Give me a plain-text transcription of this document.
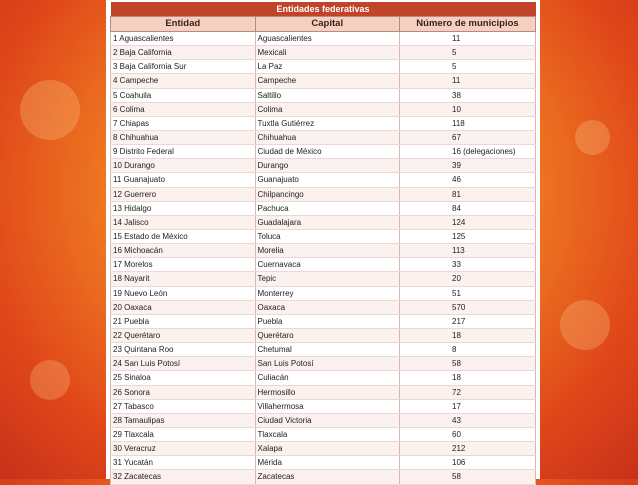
Entidades federativas		
Entidad	Capital	Número de municipios
1 Aguascalientes	Aguascalientes	11
2 Baja California	Mexicali	5
3 Baja California Sur	La Paz	5
4 Campeche	Campeche	11
5 Coahuila	Saltillo	38
6 Colima	Colima	10
7 Chiapas	Tuxtla Gutiérrez	118
8 Chihuahua	Chihuahua	67
9 Distrito Federal	Ciudad de México	16 (delegaciones)
10 Durango	Durango	39
11 Guanajuato	Guanajuato	46
12 Guerrero	Chilpancingo	81
13 Hidalgo	Pachuca	84
14 Jalisco	Guadalajara	124
15 Estado de México	Toluca	125
16 Michoacán	Morelia	113
17 Morelos	Cuernavaca	33
18 Nayarit	Tepic	20
19 Nuevo León	Monterrey	51
20 Oaxaca	Oaxaca	570
21 Puebla	Puebla	217
22 Querétaro	Querétaro	18
23 Quintana Roo	Chetumal	8
24 San Luis Potosí	San Luis Potosí	58
25 Sinaloa	Culiacán	18
26 Sonora	Hermosillo	72
27 Tabasco	Villahermosa	17
28 Tamaulipas	Ciudad Victoria	43
29 Tlaxcala	Tlaxcala	60
30 Veracruz	Xalapa	212
31 Yucatán	Mérida	106
32 Zacatecas	Zacatecas	58
